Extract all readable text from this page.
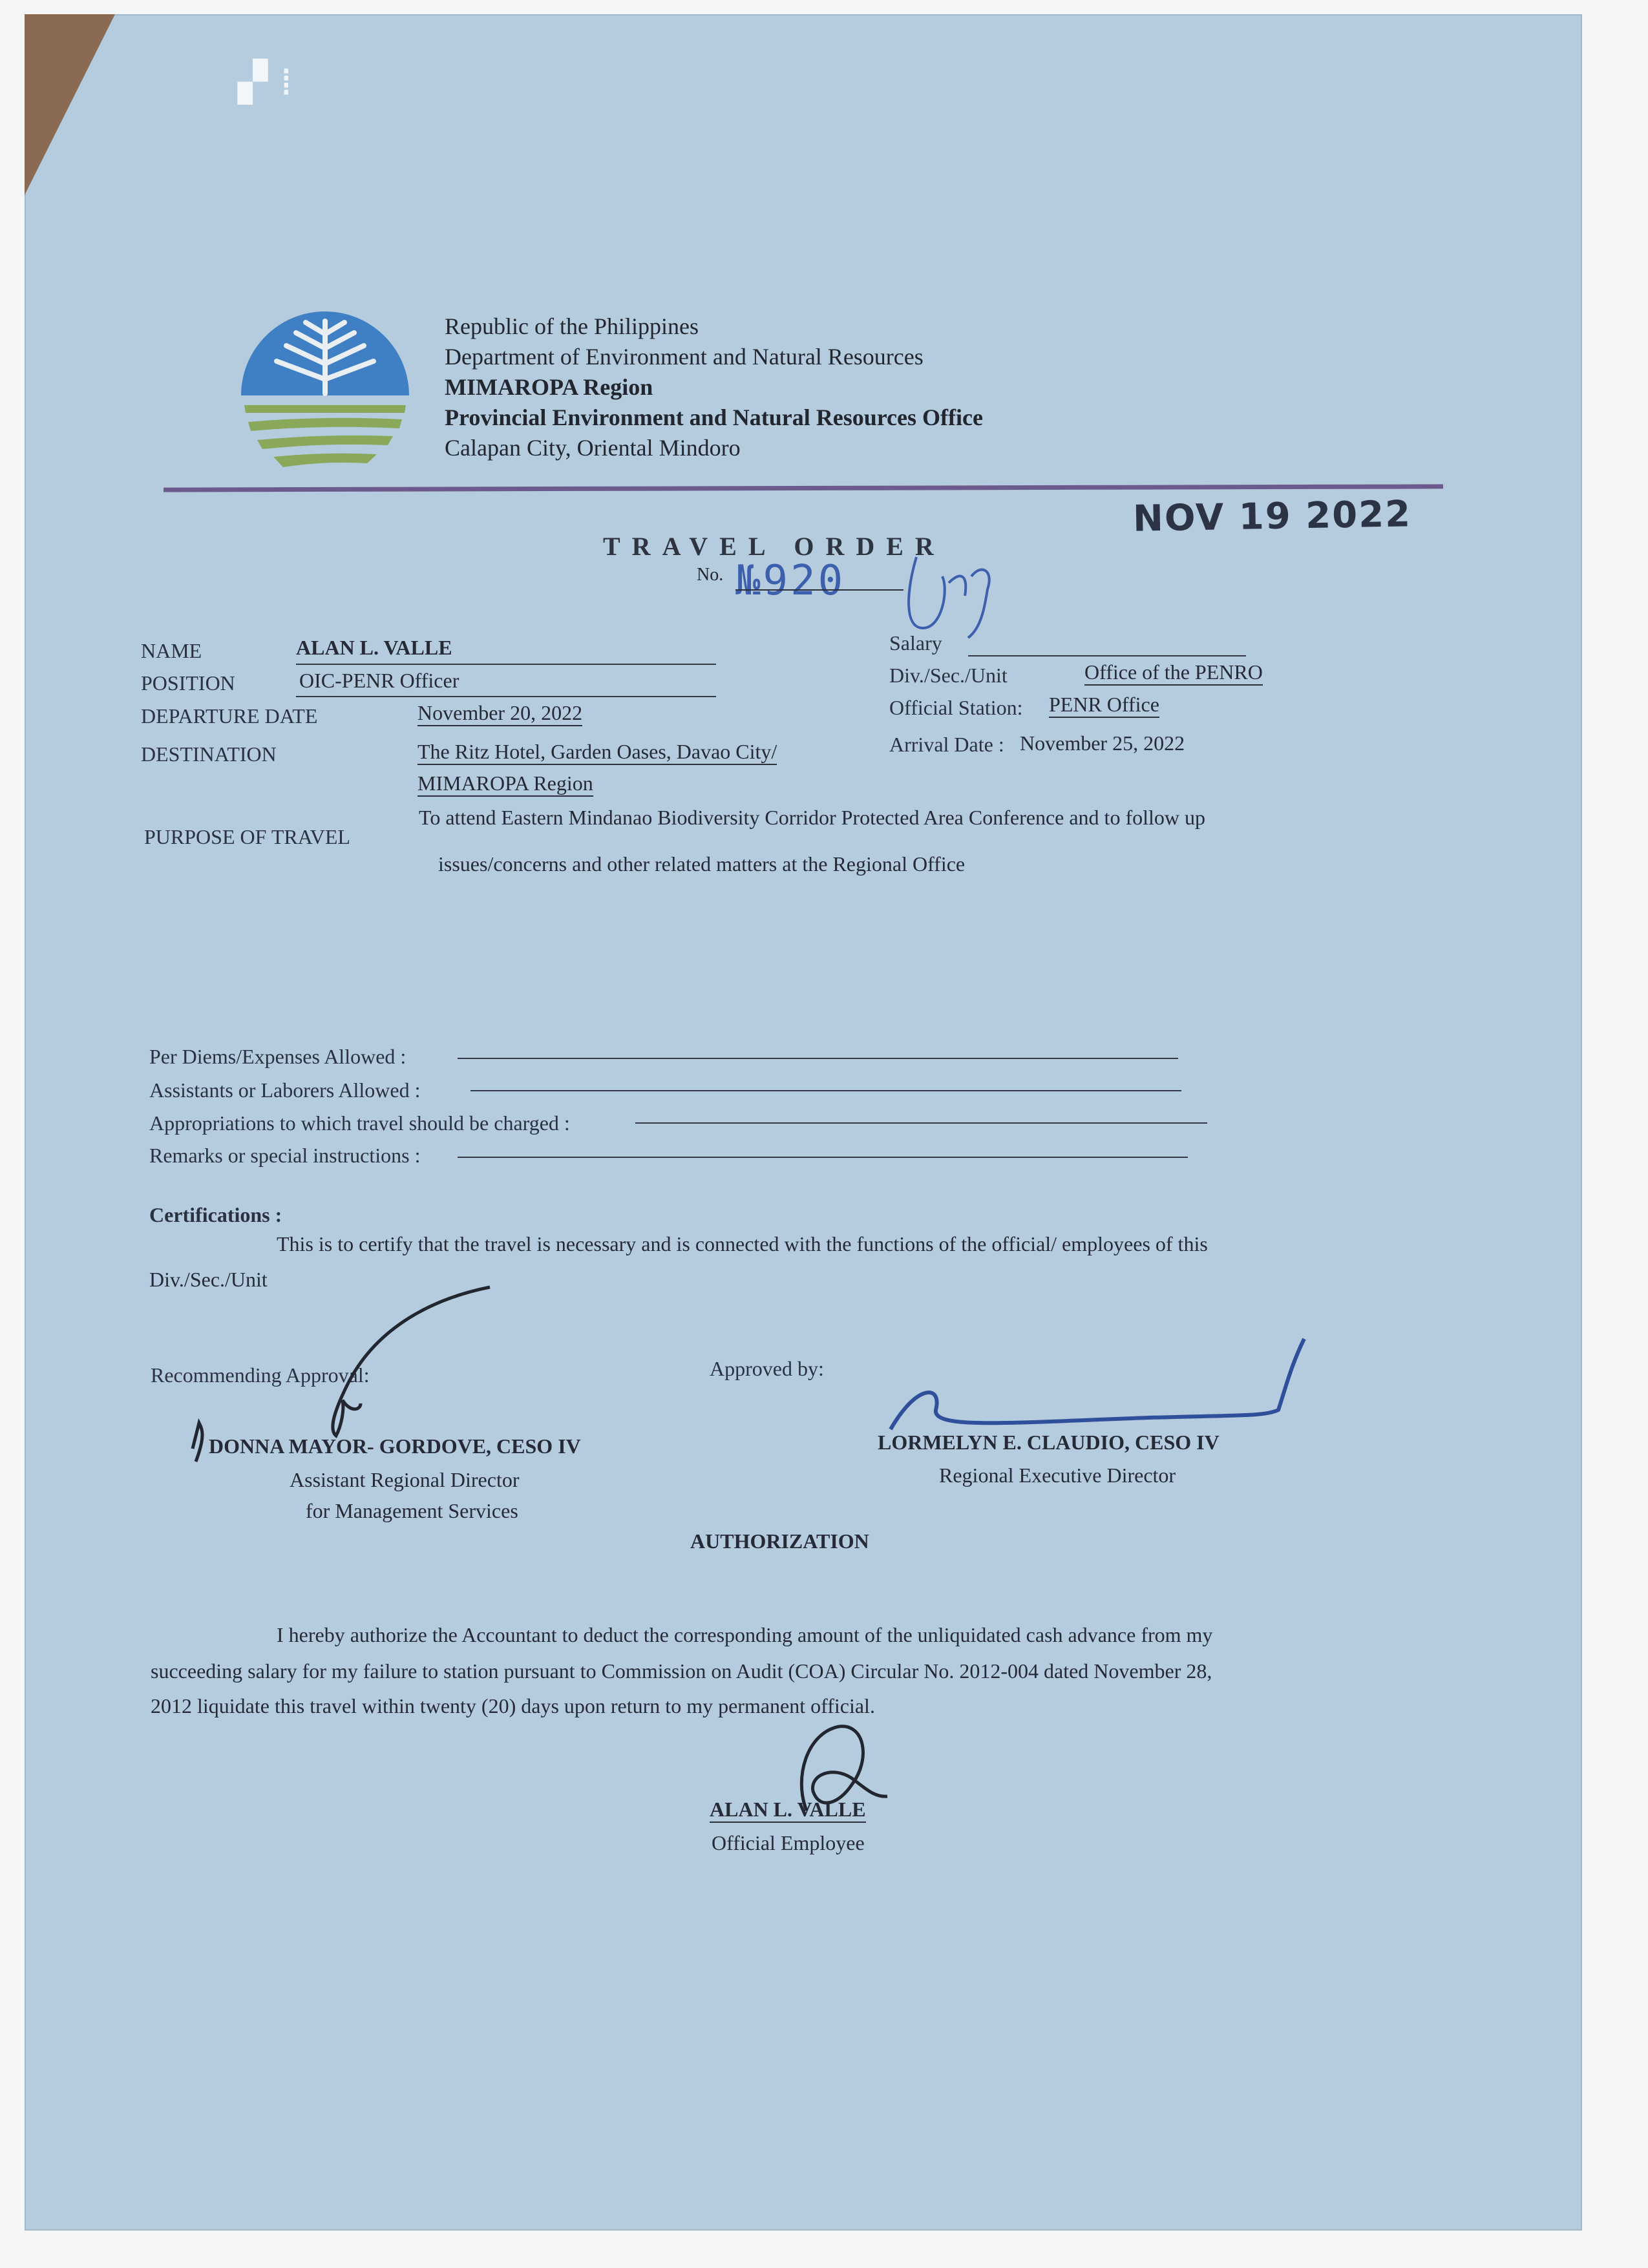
▞ ⁞
Republic of the Philippines
Department of Environment and Natural Resources
MIMAROPA Region
Provincial Environment and Natural Resources Office
Calapan City, Oriental Mindoro
NOV 19 2022
TRAVEL ORDER
No. №920
NAME	ALAN L. VALLE
POSITION	OIC-PENR Officer
DEPARTURE DATE	November 20, 2022
DESTINATION	The Ritz Hotel, Garden Oases, Davao City/
MIMAROPA Region
Salary
Div./Sec./Unit	Office of the PENRO
Official Station: PENR Office
Arrival Date : November 25, 2022
PURPOSE OF TRAVEL
To attend Eastern Mindanao Biodiversity Corridor Protected Area Conference and to follow up
issues/concerns and other related matters at the Regional Office
Per Diems/Expenses Allowed :
Assistants or Laborers Allowed :
Appropriations to which travel should be charged :
Remarks or special instructions :
Certifications :
This is to certify that the travel is necessary and is connected with the functions of the official/ employees of this
Div./Sec./Unit
Recommending Approval:
DONNA MAYOR- GORDOVE, CESO IV
Assistant Regional Director
for Management Services
Approved by:
LORMELYN E. CLAUDIO, CESO IV
Regional Executive Director
AUTHORIZATION
I hereby authorize the Accountant to deduct the corresponding amount of the unliquidated cash advance from my
succeeding salary for my failure to station pursuant to Commission on Audit (COA) Circular No. 2012-004 dated November 28,
2012 liquidate this travel within twenty (20) days upon return to my permanent official.
ALAN L. VALLE
Official Employee
